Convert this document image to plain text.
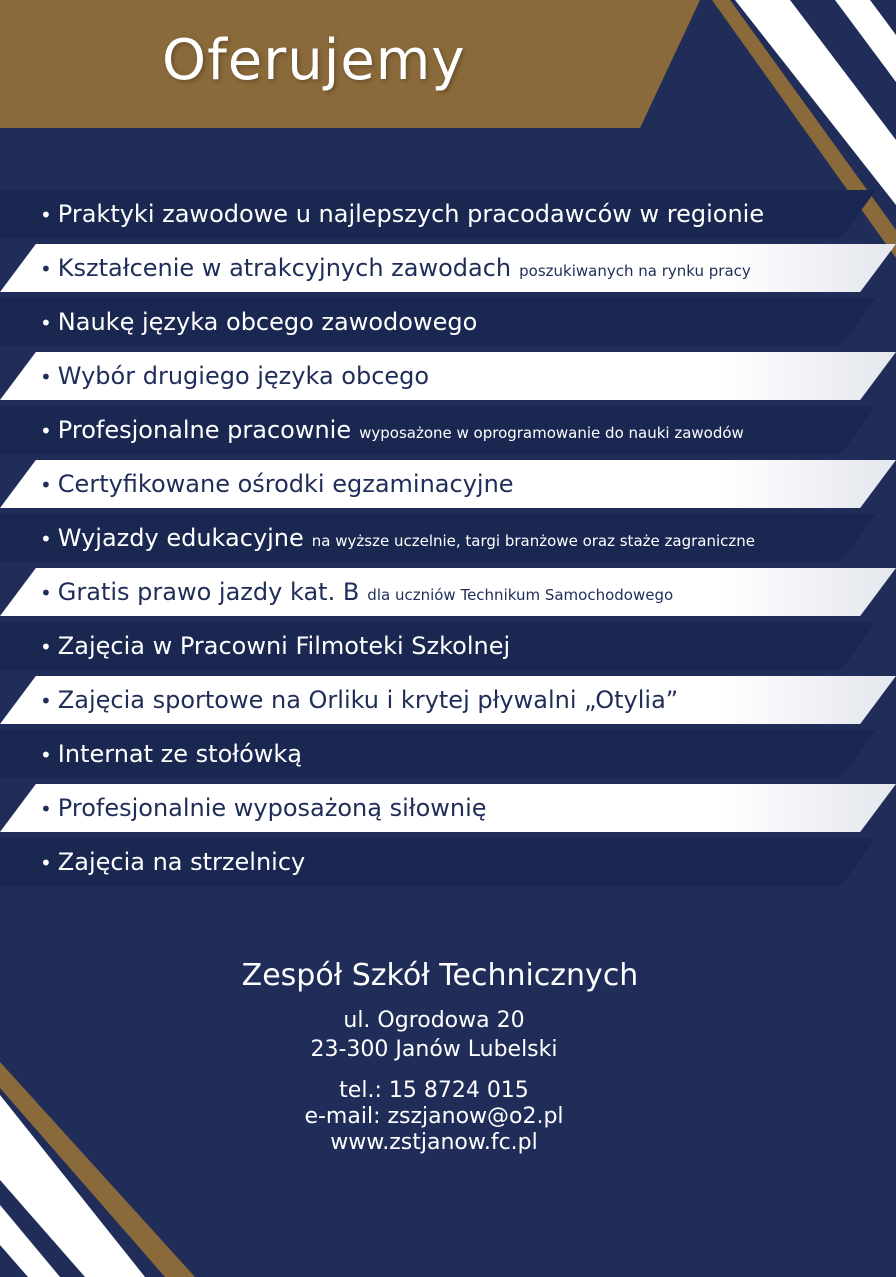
Oferujemy
• Praktyki zawodowe u najlepszych pracodawców w regionie
• Kształcenie w atrakcyjnych zawodach poszukiwanych na rynku pracy
• Naukę języka obcego zawodowego
• Wybór drugiego języka obcego
• Profesjonalne pracownie wyposażone w oprogramowanie do nauki zawodów
• Certyfikowane ośrodki egzaminacyjne
• Wyjazdy edukacyjne na wyższe uczelnie, targi branżowe oraz staże zagraniczne
• Gratis prawo jazdy kat. B dla uczniów Technikum Samochodowego
• Zajęcia w Pracowni Filmoteki Szkolnej
• Zajęcia sportowe na Orliku i krytej pływalni „Otylia”
• Internat ze stołówką
• Profesjonalnie wyposażoną siłownię
• Zajęcia na strzelnicy
Zespół Szkół Technicznych
ul. Ogrodowa 20
23-300 Janów Lubelski
tel.: 15 8724 015
e-mail: zszjanow@o2.pl
www.zstjanow.fc.pl
